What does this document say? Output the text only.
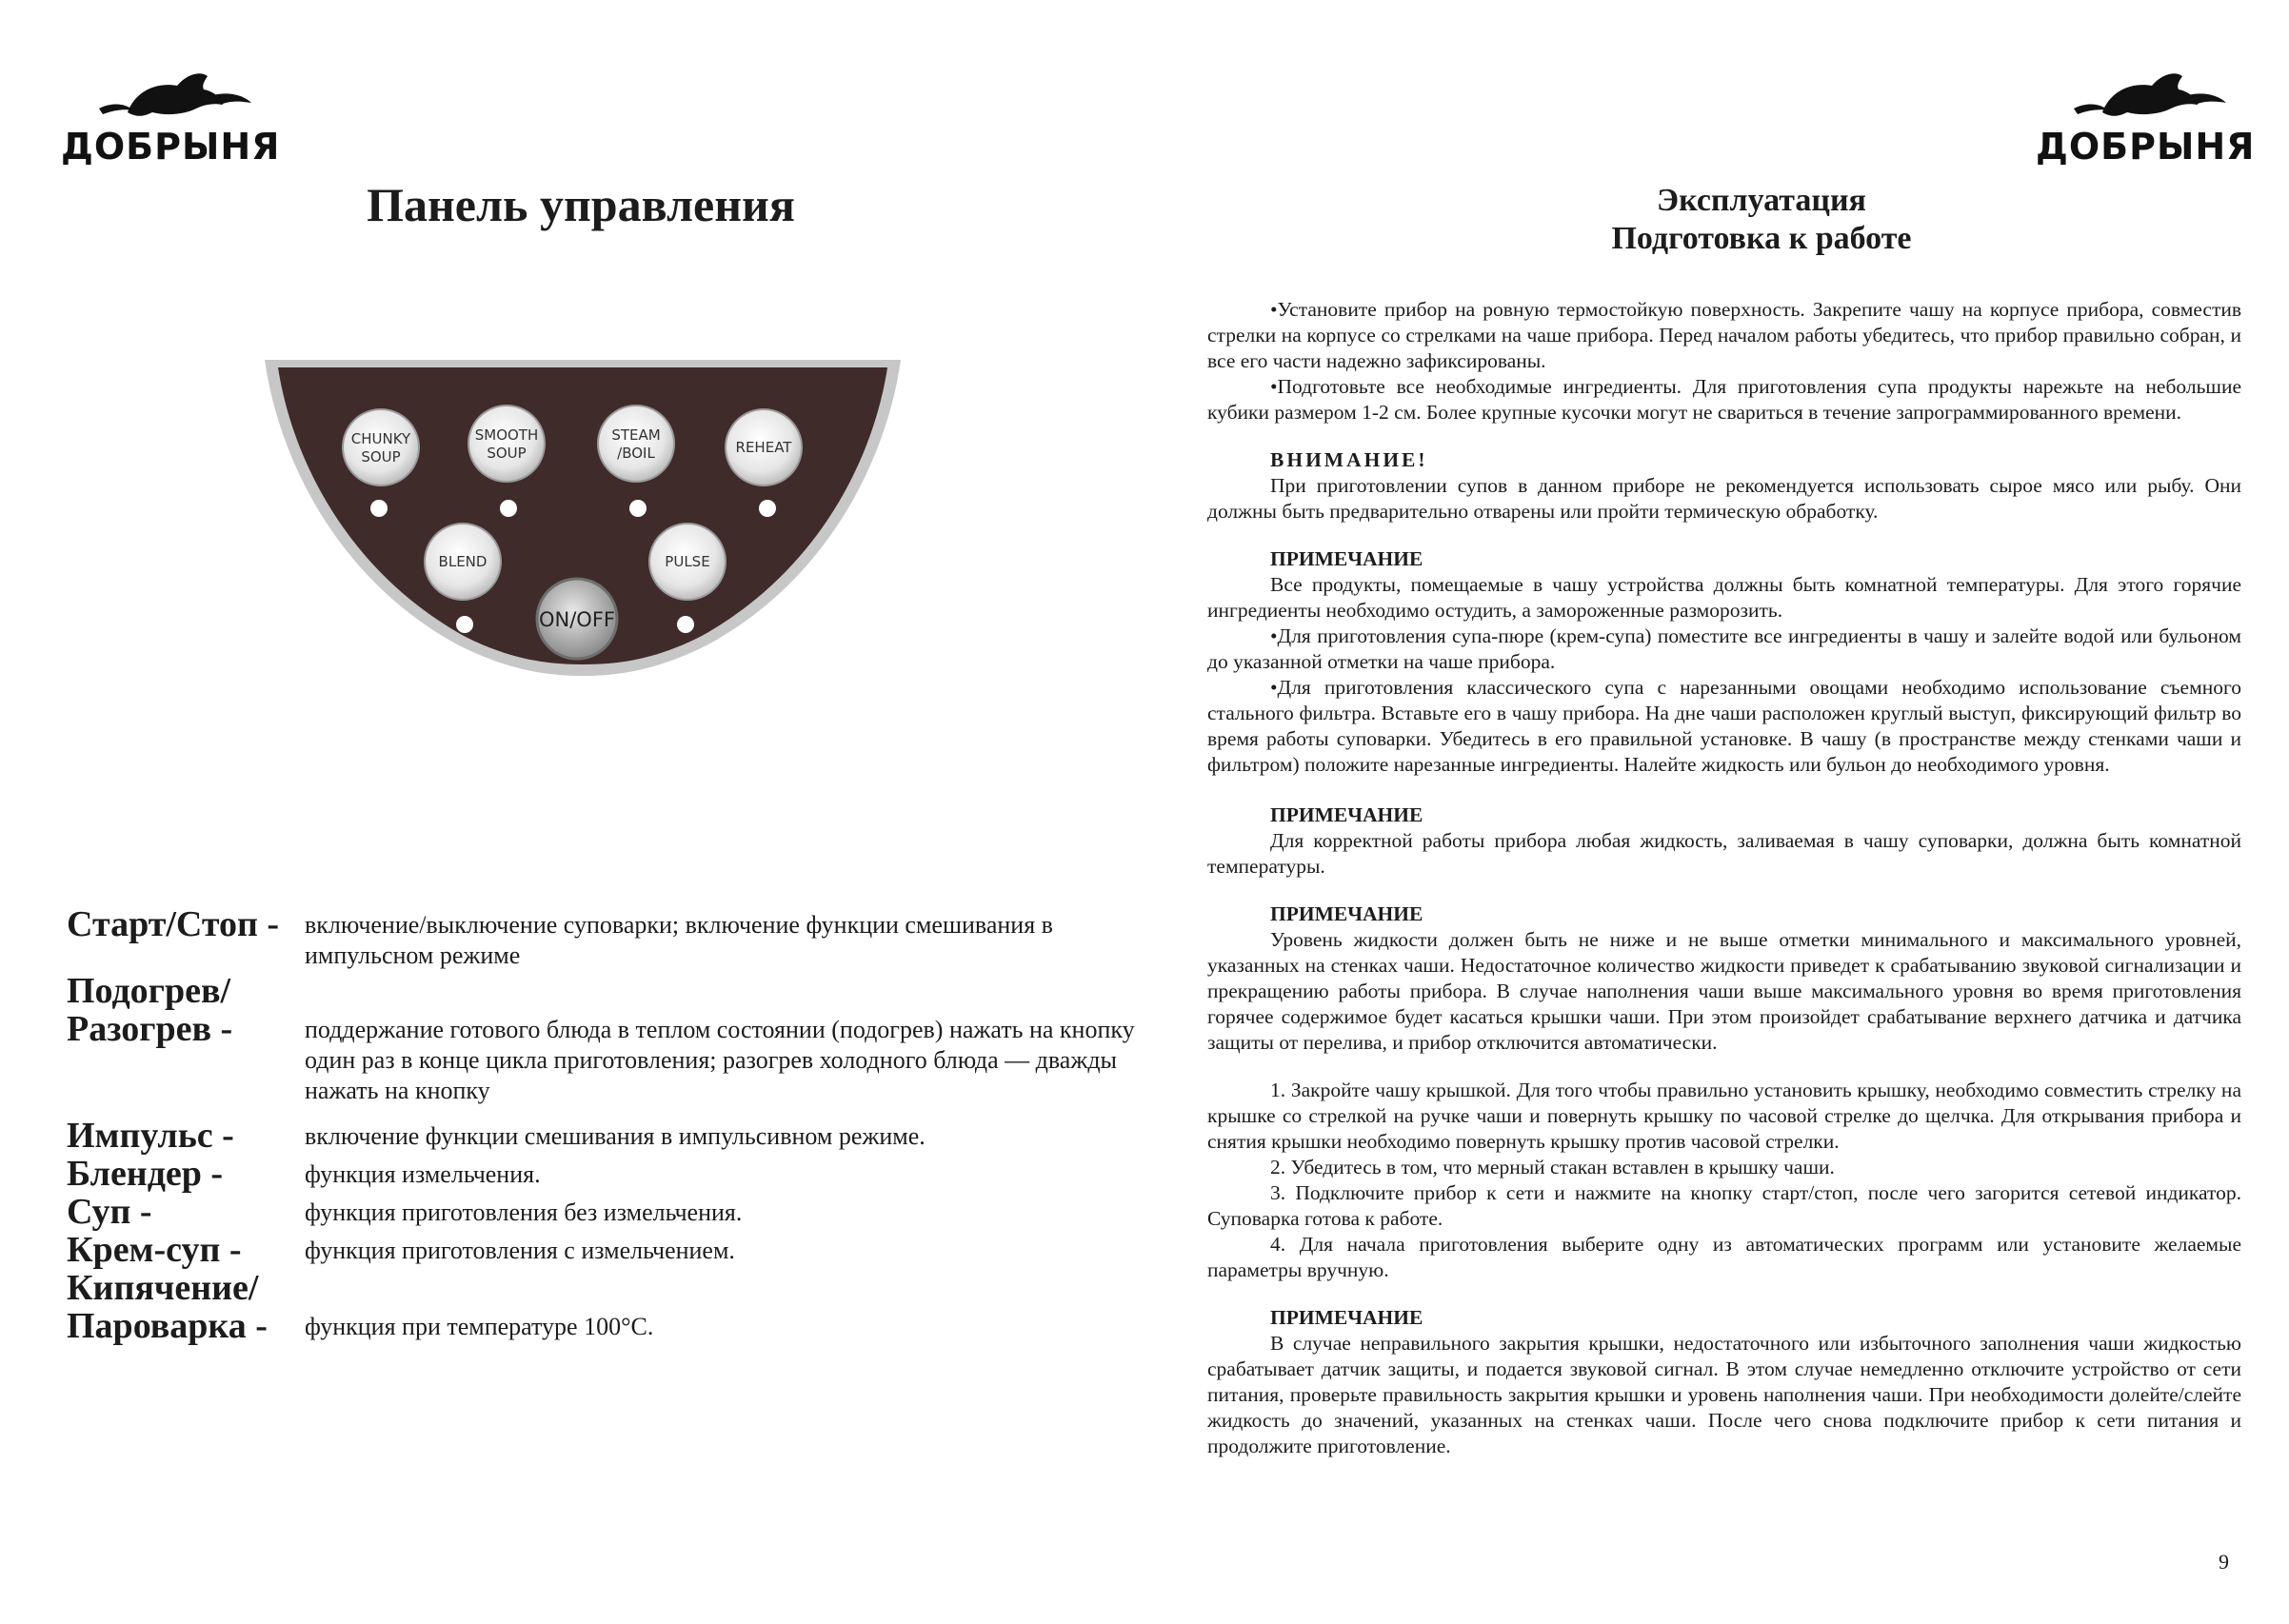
ДОБРЫНЯ	ДОБРЫНЯ
Панель управления
CHUNKY
SOUP
SMOOTH
SOUP
STEAM
/BOIL	REHEAT
BLEND	PULSE
ON/OFF
Старт/Стоп - включение/выключение суповарки; включение функции смешивания в импульсном режиме
Подогрев/
Разогрев -	поддержание готового блюда в теплом состоянии (подогрев) нажать на кнопку один раз в конце цикла приготовления; разогрев холодного блюда — дважды нажать на кнопку
Импульс -	включение функции смешивания в импульсивном режиме.
Блендер -	функция измельчения.
Суп -	функция приготовления без измельчения.
Крем-суп -	функция приготовления с измельчением.
Кипячение/
Пароварка - функция при температуре 100°С.
Эксплуатация
Подготовка к работе

•Установите прибор на ровную термостойкую поверхность. Закрепите чашу на корпусе прибора, совместив стрелки на корпусе со стрелками на чаше прибора. Перед началом работы убедитесь, что прибор правильно собран, и все его части надежно зафиксированы.

•Подготовьте все необходимые ингредиенты. Для приготовления супа продукты нарежьте на небольшие кубики размером 1-2 см. Более крупные кусочки могут не свариться в течение запрограммированного времени.

ВНИМАНИЕ!

При приготовлении супов в данном приборе не рекомендуется использовать сырое мясо или рыбу. Они должны быть предварительно отварены или пройти термическую обработку.

ПРИМЕЧАНИЕ

Все продукты, помещаемые в чашу устройства должны быть комнатной температуры. Для этого горячие ингредиенты необходимо остудить, а замороженные разморозить.

•Для приготовления супа-пюре (крем-супа) поместите все ингредиенты в чашу и залейте водой или бульоном до указанной отметки на чаше прибора.

•Для приготовления классического супа с нарезанными овощами необходимо использование съемного стального фильтра. Вставьте его в чашу прибора. На дне чаши расположен круглый выступ, фиксирующий фильтр во время работы суповарки. Убедитесь в его правильной установке. В чашу (в пространстве между стенками чаши и фильтром) положите нарезанные ингредиенты. Налейте жидкость или бульон до необходимого уровня.

ПРИМЕЧАНИЕ

Для корректной работы прибора любая жидкость, заливаемая в чашу суповарки, должна быть комнатной температуры.

ПРИМЕЧАНИЕ

Уровень жидкости должен быть не ниже и не выше отметки минимального и максимального уровней, указанных на стенках чаши. Недостаточное количество жидкости приведет к срабатыванию звуковой сигнализации и прекращению работы прибора. В случае наполнения чаши выше максимального уровня во время приготовления горячее содержимое будет касаться крышки чаши. При этом произойдет срабатывание верхнего датчика и датчика защиты от перелива, и прибор отключится автоматически.

1. Закройте чашу крышкой. Для того чтобы правильно установить крышку, необходимо совместить стрелку на крышке со стрелкой на ручке чаши и повернуть крышку по часовой стрелке до щелчка. Для открывания прибора и снятия крышки необходимо повернуть крышку против часовой стрелки.

2. Убедитесь в том, что мерный стакан вставлен в крышку чаши.

3. Подключите прибор к сети и нажмите на кнопку старт/стоп, после чего загорится сетевой индикатор. Суповарка готова к работе.

4. Для начала приготовления выберите одну из автоматических программ или установите желаемые параметры вручную.

ПРИМЕЧАНИЕ

В случае неправильного закрытия крышки, недостаточного или избыточного заполнения чаши жидкостью срабатывает датчик защиты, и подается звуковой сигнал. В этом случае немедленно отключите устройство от сети питания, проверьте правильность закрытия крышки и уровень наполнения чаши. При необходимости долейте/слейте жидкость до значений, указанных на стенках чаши. После чего снова подключите прибор к сети питания и продолжите приготовление.

9
